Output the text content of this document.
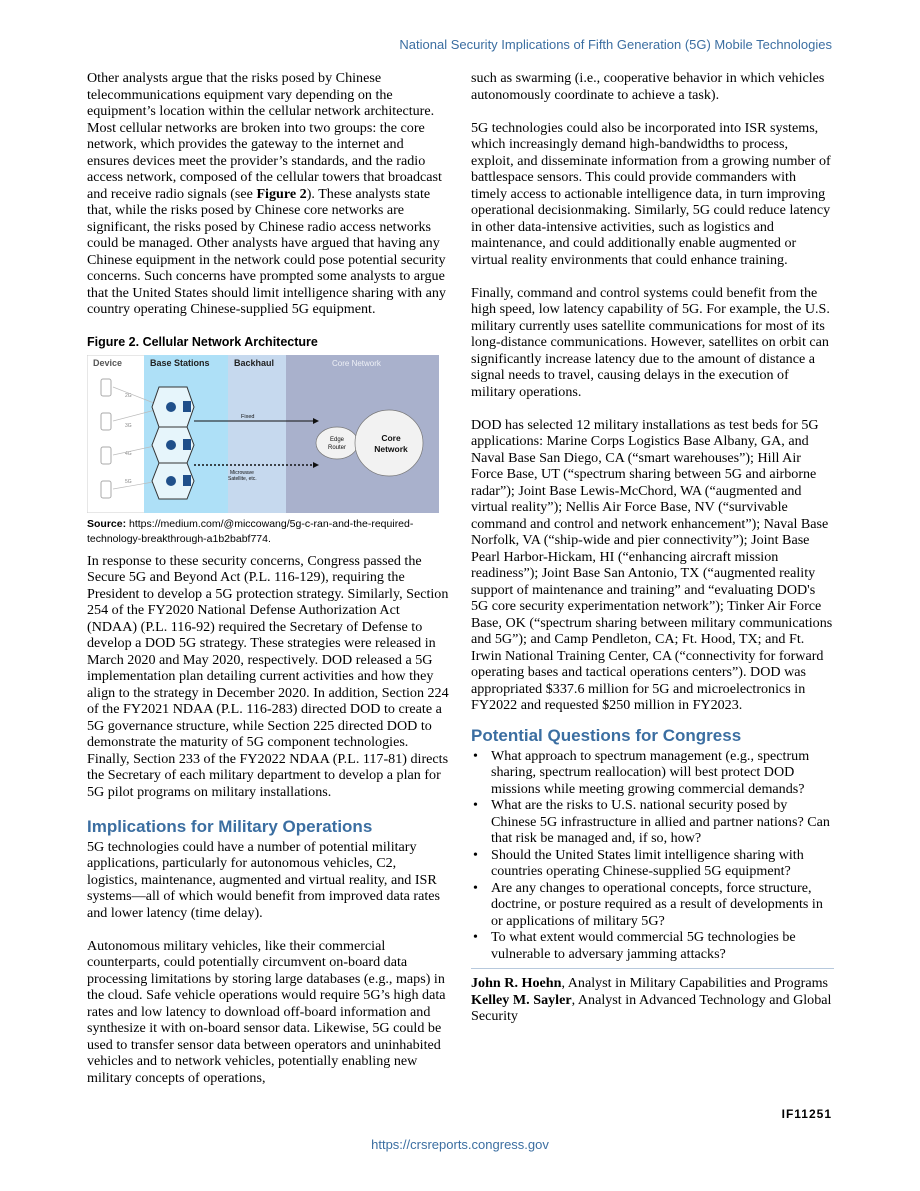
National Security Implications of Fifth Generation (5G) Mobile Technologies

Other analysts argue that the risks posed by Chinese telecommunications equipment vary depending on the equipment’s location within the cellular network architecture. Most cellular networks are broken into two groups: the core network, which provides the gateway to the internet and ensures devices meet the provider’s standards, and the radio access network, composed of the cellular towers that broadcast and receive radio signals (see Figure 2). These analysts state that, while the risks posed by Chinese core networks are significant, the risks posed by Chinese radio access networks could be managed. Other analysts have argued that having any Chinese equipment in the network could pose potential security concerns. Such concerns have prompted some analysts to argue that the United States should limit intelligence sharing with any country operating Chinese-supplied 5G equipment.

Figure 2. Cellular Network Architecture
Device	Base Stations	Backhaul	Core Network
2G
3G
4G
5G
Fixed
Microwave
Satellite, etc.
Edge
Router
Core
Network
Source: https://medium.com/@miccowang/5g-c-ran-and-the-required-technology-breakthrough-a1b2babf774.

In response to these security concerns, Congress passed the Secure 5G and Beyond Act (P.L. 116-129), requiring the President to develop a 5G protection strategy. Similarly, Section 254 of the FY2020 National Defense Authorization Act (NDAA) (P.L. 116-92) required the Secretary of Defense to develop a DOD 5G strategy. These strategies were released in March 2020 and May 2020, respectively. DOD released a 5G implementation plan detailing current activities and how they align to the strategy in December 2020. In addition, Section 224 of the FY2021 NDAA (P.L. 116-283) directed DOD to create a 5G governance structure, while Section 225 directed DOD to demonstrate the maturity of 5G component technologies. Finally, Section 233 of the FY2022 NDAA (P.L. 117-81) directs the Secretary of each military department to develop a plan for 5G pilot programs on military installations.

Implications for Military Operations

5G technologies could have a number of potential military applications, particularly for autonomous vehicles, C2, logistics, maintenance, augmented and virtual reality, and ISR systems—all of which would benefit from improved data rates and lower latency (time delay).

Autonomous military vehicles, like their commercial counterparts, could potentially circumvent on-board data processing limitations by storing large databases (e.g., maps) in the cloud. Safe vehicle operations would require 5G’s high data rates and low latency to download off-board information and synthesize it with on-board sensor data. Likewise, 5G could be used to transfer sensor data between operators and uninhabited vehicles and to network vehicles, potentially enabling new military concepts of operations,

such as swarming (i.e., cooperative behavior in which vehicles autonomously coordinate to achieve a task).

5G technologies could also be incorporated into ISR systems, which increasingly demand high-bandwidths to process, exploit, and disseminate information from a growing number of battlespace sensors. This could provide commanders with timely access to actionable intelligence data, in turn improving operational decisionmaking. Similarly, 5G could reduce latency in other data-intensive activities, such as logistics and maintenance, and could additionally enable augmented or virtual reality environments that could enhance training.

Finally, command and control systems could benefit from the high speed, low latency capability of 5G. For example, the U.S. military currently uses satellite communications for most of its long-distance communications. However, satellites on orbit can significantly increase latency due to the amount of distance a signal needs to travel, causing delays in the execution of military operations.

DOD has selected 12 military installations as test beds for 5G applications: Marine Corps Logistics Base Albany, GA, and Naval Base San Diego, CA (“smart warehouses”); Hill Air Force Base, UT (“spectrum sharing between 5G and airborne radar”); Joint Base Lewis-McChord, WA (“augmented and virtual reality”); Nellis Air Force Base, NV (“survivable command and control and network enhancement”); Naval Base Norfolk, VA (“ship-wide and pier connectivity”); Joint Base Pearl Harbor-Hickam, HI (“enhancing aircraft mission readiness”); Joint Base San Antonio, TX (“augmented reality support of maintenance and training” and “evaluating DOD's 5G core security experimentation network”); Tinker Air Force Base, OK (“spectrum sharing between military communications and 5G”); and Camp Pendleton, CA; Ft. Hood, TX; and Ft. Irwin National Training Center, CA (“connectivity for forward operating bases and tactical operations centers”). DOD was appropriated $337.6 million for 5G and microelectronics in FY2022 and requested $250 million in FY2023.

Potential Questions for Congress
• What approach to spectrum management (e.g., spectrum sharing, spectrum reallocation) will best protect DOD missions while meeting growing commercial demands?
• What are the risks to U.S. national security posed by Chinese 5G infrastructure in allied and partner nations? Can that risk be managed and, if so, how?
• Should the United States limit intelligence sharing with countries operating Chinese-supplied 5G equipment?
• Are any changes to operational concepts, force structure, doctrine, or posture required as a result of developments in or applications of military 5G?
• To what extent would commercial 5G technologies be vulnerable to adversary jamming attacks?
John R. Hoehn, Analyst in Military Capabilities and Programs
Kelley M. Sayler, Analyst in Advanced Technology and Global Security
IF11251
https://crsreports.congress.gov
